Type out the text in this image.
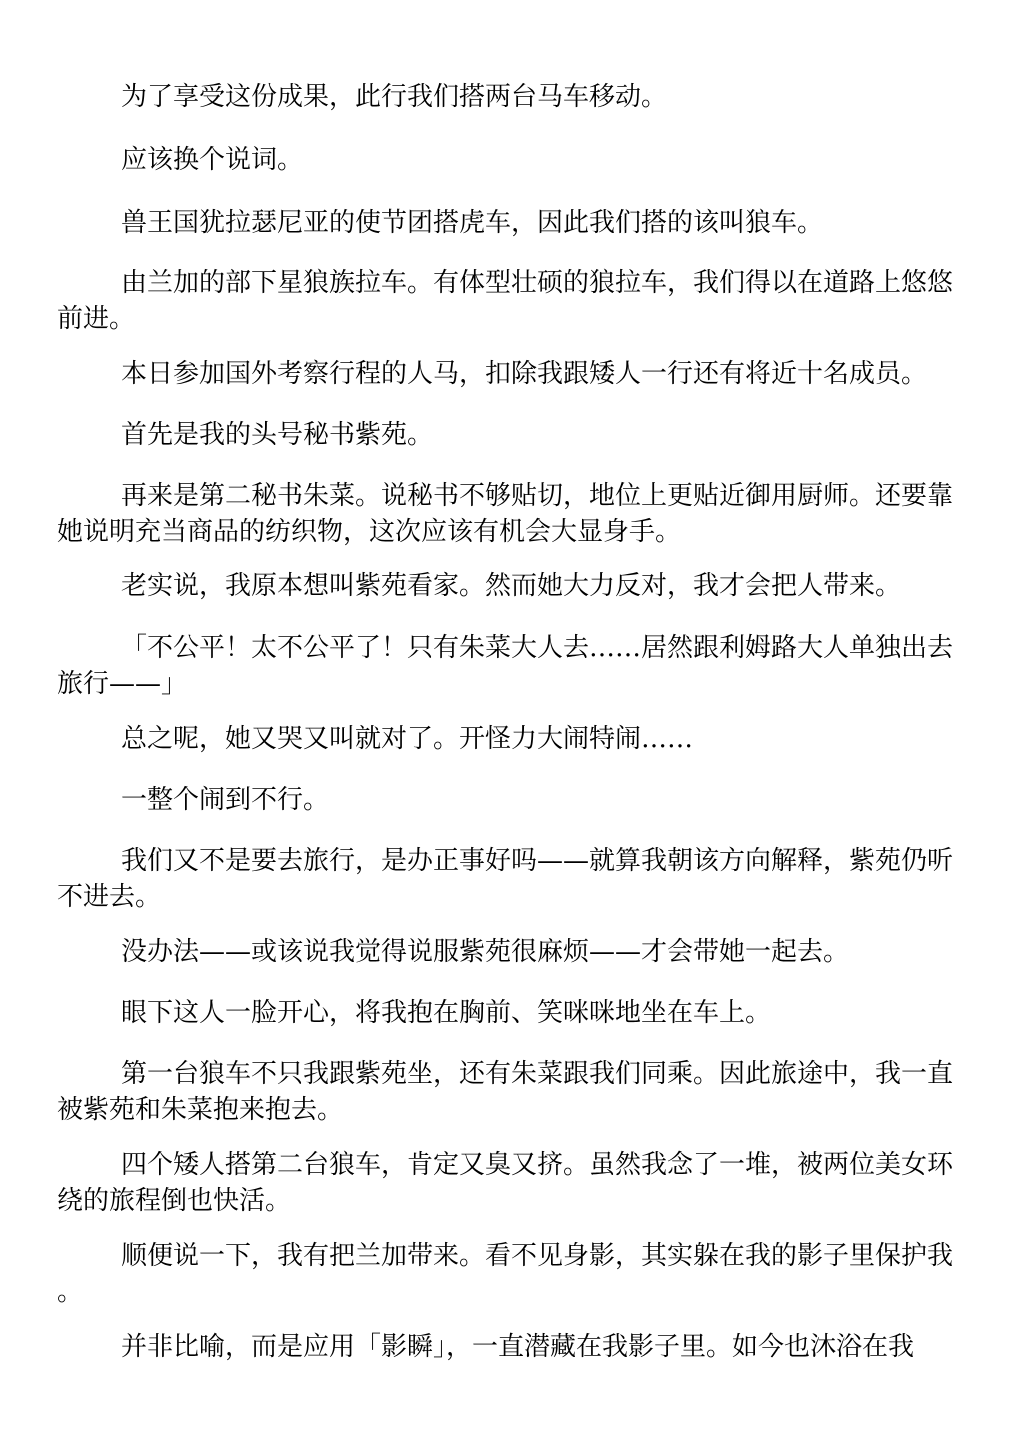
为了享受这份成果，此行我们搭两台马车移动。

应该换个说词。

兽王国犹拉瑟尼亚的使节团搭虎车，因此我们搭的该叫狼车。

由兰加的部下星狼族拉车。有体型壮硕的狼拉车，我们得以在道路上悠悠前进。

本日参加国外考察行程的人马，扣除我跟矮人一行还有将近十名成员。

首先是我的头号秘书紫苑。

再来是第二秘书朱菜。说秘书不够贴切，地位上更贴近御用厨师。还要靠她说明充当商品的纺织物，这次应该有机会大显身手。

老实说，我原本想叫紫苑看家。然而她大力反对，我才会把人带来。

「不公平！太不公平了！只有朱菜大人去……居然跟利姆路大人单独出去旅行——」

总之呢，她又哭又叫就对了。开怪力大闹特闹……

一整个闹到不行。

我们又不是要去旅行，是办正事好吗——就算我朝该方向解释，紫苑仍听不进去。

没办法——或该说我觉得说服紫苑很麻烦——才会带她一起去。

眼下这人一脸开心，将我抱在胸前、笑咪咪地坐在车上。

第一台狼车不只我跟紫苑坐，还有朱菜跟我们同乘。因此旅途中，我一直被紫苑和朱菜抱来抱去。

四个矮人搭第二台狼车，肯定又臭又挤。虽然我念了一堆，被两位美女环绕的旅程倒也快活。

顺便说一下，我有把兰加带来。看不见身影，其实躲在我的影子里保护我。

并非比喻，而是应用「影瞬」，一直潜藏在我影子里。如今也沐浴在我
